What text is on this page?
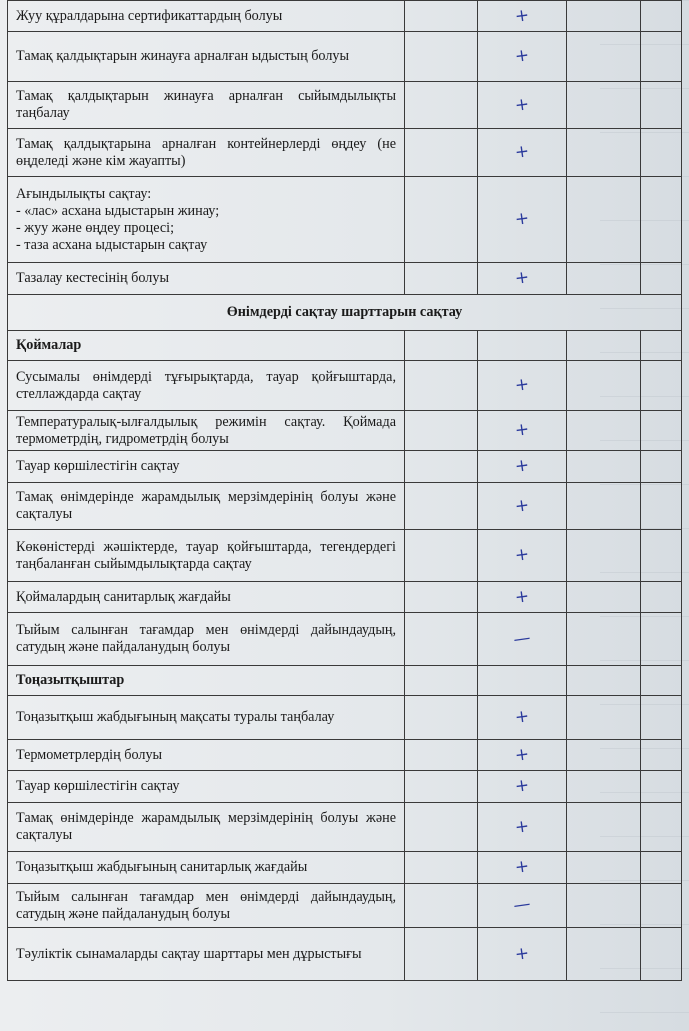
Жуу құралдарына сертификаттардың болуы		+		

Тамақ қалдықтарын жинауға арналған ыдыстың болуы		+		

Тамақ қалдықтарын жинауға арналған сыйымдылықты таңбалау		+		

Тамақ қалдықтарына арналған контейнерлерді өңдеу (не өңделеді және кім жауапты)		+		

Ағындылықты сақтау:
- «лас» асхана ыдыстарын жинау;
- жуу және өңдеу процесі;
- таза асхана ыдыстарын сақтау		+		

Тазалау кестесінің болуы		+		

Өнімдерді сақтау шарттарын сақтау				
Қоймалар				
Сусымалы өнімдерді тұғырықтарда, тауар қойғыштарда, стеллаждарда сақтау		+		

Температуралық-ылғалдылық режимін сақтау. Қоймада термометрдің, гидрометрдің болуы		+		

Тауар көршілестігін сақтау		+		

Тамақ өнімдерінде жарамдылық мерзімдерінің болуы және сақталуы		+		

Көкөністерді жәшіктерде, тауар қойғыштарда, тегендердегі таңбаланған сыйымдылықтарда сақтау		+		

Қоймалардың санитарлық жағдайы		+		

Тыйым салынған тағамдар мен өнімдерді дайындаудың, сатудың және пайдаланудың болуы		—		

Тоңазытқыштар				
Тоңазытқыш жабдығының мақсаты туралы таңбалау		+		

Термометрлердің болуы		+		

Тауар көршілестігін сақтау		+		

Тамақ өнімдерінде жарамдылық мерзімдерінің болуы және сақталуы		+		

Тоңазытқыш жабдығының санитарлық жағдайы		+		

Тыйым салынған тағамдар мен өнімдерді дайындаудың, сатудың және пайдаланудың болуы		—		

Тәуліктік сынамаларды сақтау шарттары мен дұрыстығы		+		
